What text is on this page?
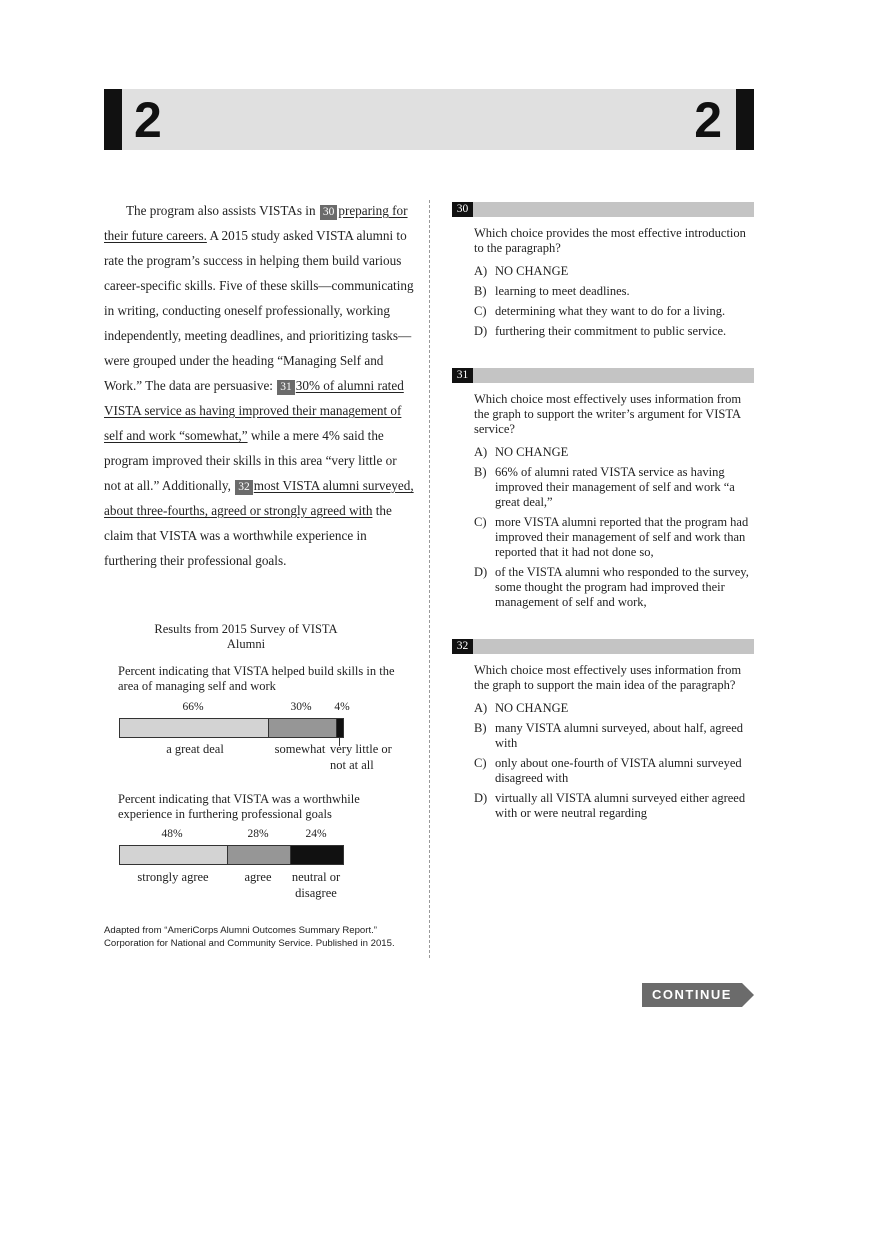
2	2

The program also assists VISTAs in 30 preparing for their future careers. A 2015 study asked VISTA alumni to rate the program’s success in helping them build various career-specific skills. Five of these skills—communicating in writing, conducting oneself professionally, working independently, meeting deadlines, and prioritizing tasks—were grouped under the heading “Managing Self and Work.” The data are persuasive: 31 30% of alumni rated VISTA service as having improved their management of self and work “somewhat,” while a mere 4% said the program improved their skills in this area “very little or not at all.” Additionally, 32 most VISTA alumni surveyed, about three-fourths, agreed or strongly agreed with the claim that VISTA was a worthwhile experience in furthering their professional goals.

Results from 2015 Survey of VISTA Alumni
Percent indicating that VISTA helped build skills in the area of managing self and work
66%	30%	4%
a great deal	somewhat very little or not at all
Percent indicating that VISTA was a worthwhile experience in furthering professional goals
48%	28%	24%
strongly agree	agree	neutral or disagree
Adapted from “AmeriCorps Alumni Outcomes Summary Report.”
Corporation for National and Community Service. Published in 2015.
30
Which choice provides the most effective introduction to the paragraph?
A) NO CHANGE
B) learning to meet deadlines.
C) determining what they want to do for a living.
D) furthering their commitment to public service.
31
Which choice most effectively uses information from the graph to support the writer’s argument for VISTA service?
A) NO CHANGE
B) 66% of alumni rated VISTA service as having improved their management of self and work “a great deal,”
C) more VISTA alumni reported that the program had improved their management of self and work than reported that it had not done so,
D) of the VISTA alumni who responded to the survey, some thought the program had improved their management of self and work,
32
Which choice most effectively uses information from the graph to support the main idea of the paragraph?
A) NO CHANGE
B) many VISTA alumni surveyed, about half, agreed with
C) only about one-fourth of VISTA alumni surveyed disagreed with
D) virtually all VISTA alumni surveyed either agreed with or were neutral regarding
CONTINUE
